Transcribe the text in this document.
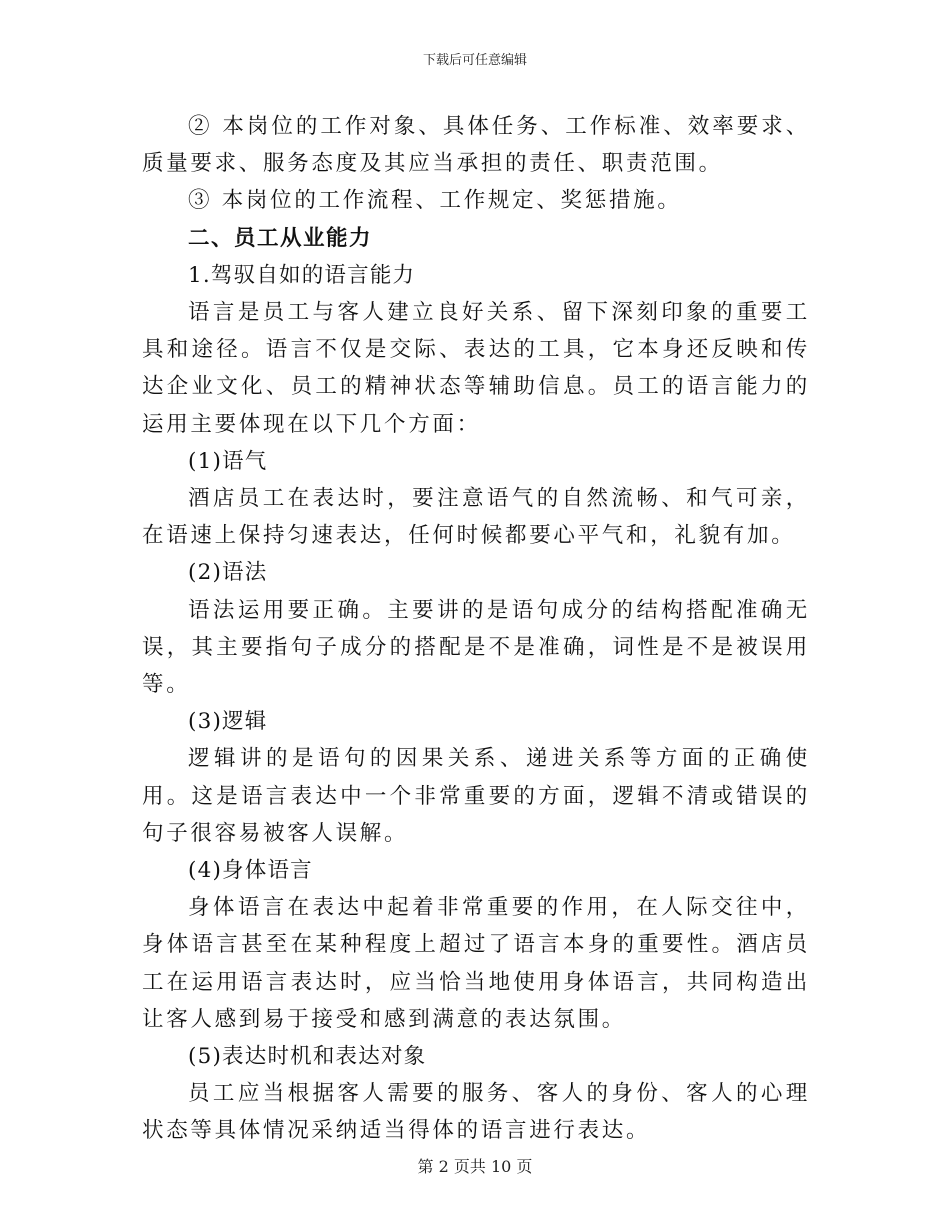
下载后可任意编辑

② 本岗位的工作对象、具体任务、工作标准、效率要求、质量要求、服务态度及其应当承担的责任、职责范围。

③ 本岗位的工作流程、工作规定、奖惩措施。

二、员工从业能力

1.驾驭自如的语言能力

语言是员工与客人建立良好关系、留下深刻印象的重要工具和途径。语言不仅是交际、表达的工具，它本身还反映和传达企业文化、员工的精神状态等辅助信息。员工的语言能力的运用主要体现在以下几个方面：

(1)语气

酒店员工在表达时，要注意语气的自然流畅、和气可亲，在语速上保持匀速表达，任何时候都要心平气和，礼貌有加。

(2)语法

语法运用要正确。主要讲的是语句成分的结构搭配准确无误，其主要指句子成分的搭配是不是准确，词性是不是被误用等。

(3)逻辑

逻辑讲的是语句的因果关系、递进关系等方面的正确使用。这是语言表达中一个非常重要的方面，逻辑不清或错误的句子很容易被客人误解。

(4)身体语言

身体语言在表达中起着非常重要的作用，在人际交往中，身体语言甚至在某种程度上超过了语言本身的重要性。酒店员工在运用语言表达时，应当恰当地使用身体语言，共同构造出让客人感到易于接受和感到满意的表达氛围。

(5)表达时机和表达对象

员工应当根据客人需要的服务、客人的身份、客人的心理状态等具体情况采纳适当得体的语言进行表达。

第 2 页共 10 页
